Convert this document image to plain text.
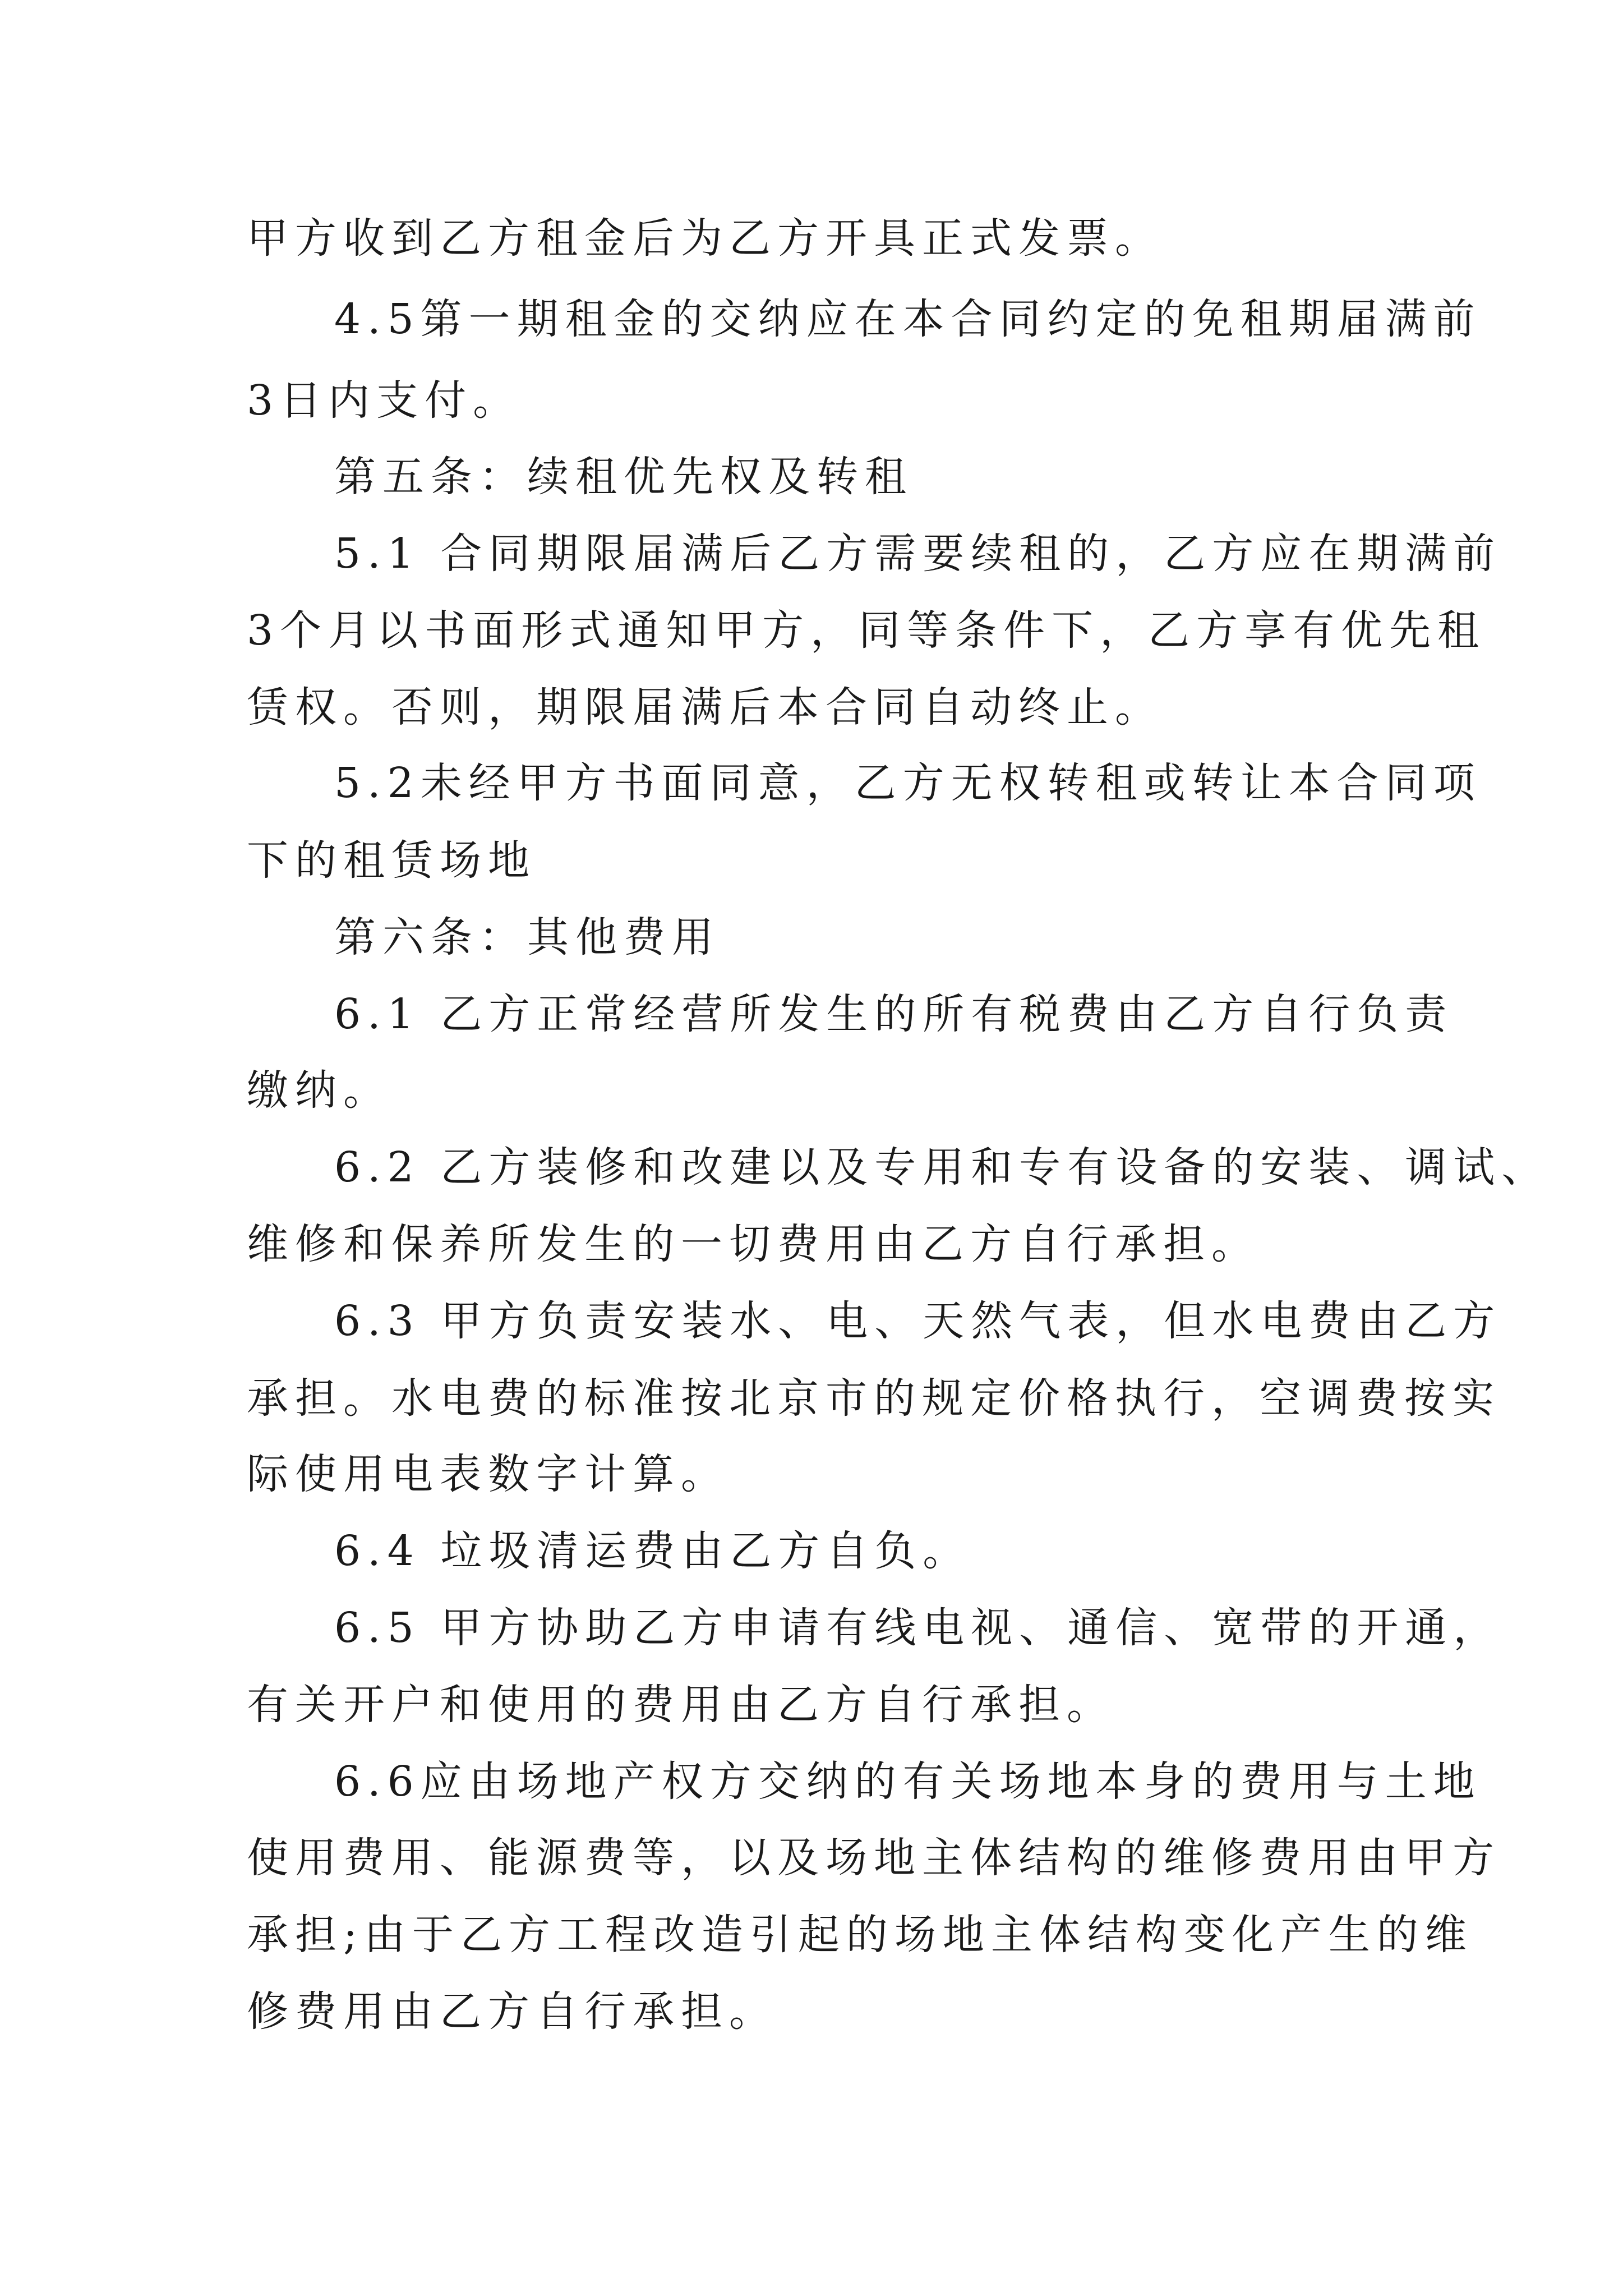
甲方收到乙方租金后为乙方开具正式发票。
4.5第一期租金的交纳应在本合同约定的免租期届满前
3日内支付。
第五条：续租优先权及转租
5.1 合同期限届满后乙方需要续租的，乙方应在期满前
3个月以书面形式通知甲方，同等条件下，乙方享有优先租
赁权。否则，期限届满后本合同自动终止。
5.2未经甲方书面同意，乙方无权转租或转让本合同项
下的租赁场地
第六条：其他费用
6.1 乙方正常经营所发生的所有税费由乙方自行负责
缴纳。
6.2 乙方装修和改建以及专用和专有设备的安装、调试、
维修和保养所发生的一切费用由乙方自行承担。
6.3 甲方负责安装水、电、天然气表，但水电费由乙方
承担。水电费的标准按北京市的规定价格执行，空调费按实
际使用电表数字计算。
6.4 垃圾清运费由乙方自负。
6.5 甲方协助乙方申请有线电视、通信、宽带的开通，
有关开户和使用的费用由乙方自行承担。
6.6应由场地产权方交纳的有关场地本身的费用与土地
使用费用、能源费等，以及场地主体结构的维修费用由甲方
承担;由于乙方工程改造引起的场地主体结构变化产生的维
修费用由乙方自行承担。
